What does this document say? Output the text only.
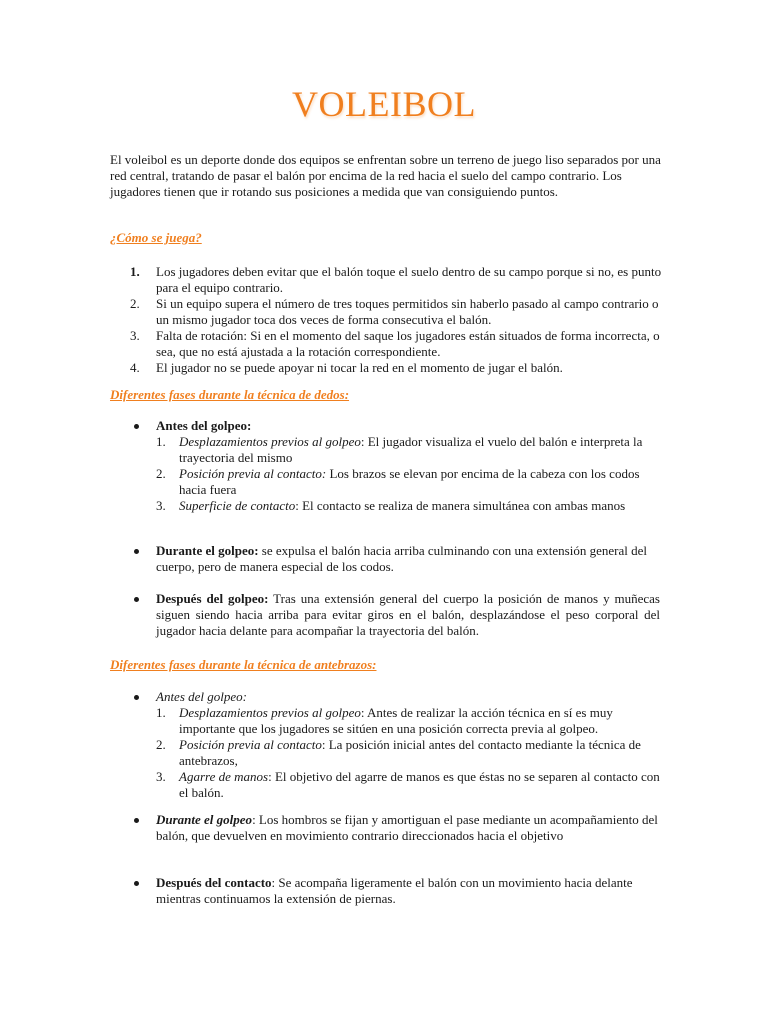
VOLEIBOL
El voleibol es un deporte donde dos equipos se enfrentan sobre un terreno de juego liso separados por una red central, tratando de pasar el balón por encima de la red hacia el suelo del campo contrario. Los jugadores tienen que ir rotando sus posiciones a medida que van consiguiendo puntos.
¿Cómo se juega?
1. Los jugadores deben evitar que el balón toque el suelo dentro de su campo porque si no, es punto para el equipo contrario.
2. Si un equipo supera el número de tres toques permitidos sin haberlo pasado al campo contrario o un mismo jugador toca dos veces de forma consecutiva el balón.
3. Falta de rotación: Si en el momento del saque los jugadores están situados de forma incorrecta, o sea, que no está ajustada a la rotación correspondiente.
4. El jugador no se puede apoyar ni tocar la red en el momento de jugar el balón.
Diferentes fases durante la técnica de dedos:
Antes del golpeo:
1. Desplazamientos previos al golpeo: El jugador visualiza el vuelo del balón e interpreta la trayectoria del mismo
2. Posición previa al contacto: Los brazos se elevan por encima de la cabeza con los codos hacia fuera
3. Superficie de contacto: El contacto se realiza de manera simultánea con ambas manos
Durante el golpeo: se expulsa el balón hacia arriba culminando con una extensión general del cuerpo, pero de manera especial de los codos.
Después del golpeo: Tras una extensión general del cuerpo la posición de manos y muñecas siguen siendo hacia arriba para evitar giros en el balón, desplazándose el peso corporal del jugador hacia delante para acompañar la trayectoria del balón.
Diferentes fases durante la técnica de antebrazos:
Antes del golpeo:
1. Desplazamientos previos al golpeo: Antes de realizar la acción técnica en sí es muy importante que los jugadores se sitúen en una posición correcta previa al golpeo.
2. Posición previa al contacto: La posición inicial antes del contacto mediante la técnica de antebrazos,
3. Agarre de manos: El objetivo del agarre de manos es que éstas no se separen al contacto con el balón.
Durante el golpeo: Los hombros se fijan y amortiguan el pase mediante un acompañamiento del balón, que devuelven en movimiento contrario direccionados hacia el objetivo
Después del contacto: Se acompaña ligeramente el balón con un movimiento hacia delante mientras continuamos la extensión de piernas.
